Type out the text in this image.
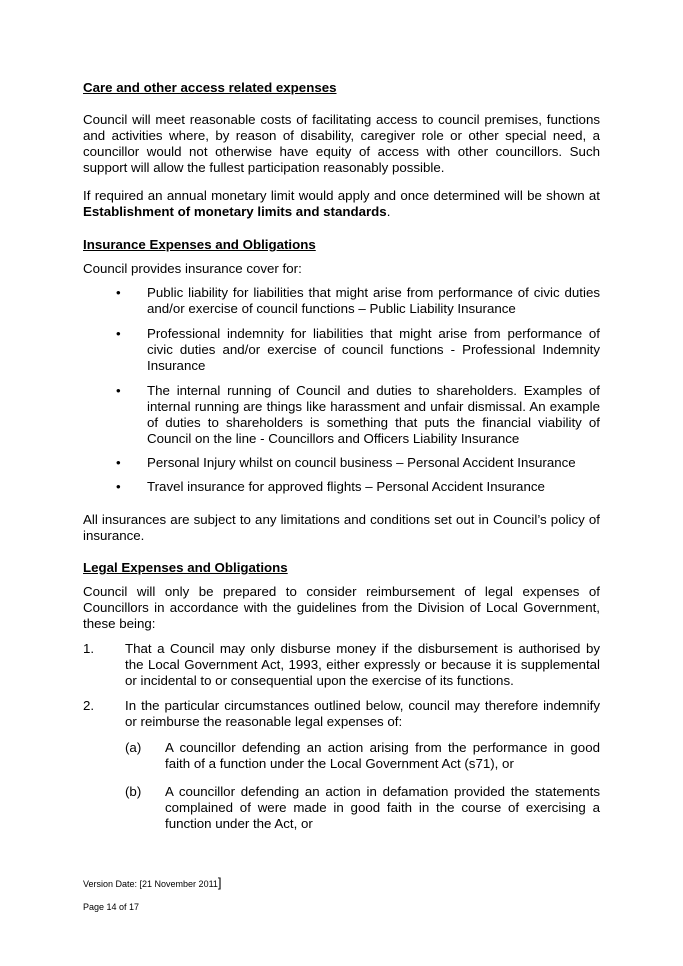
Care and other access related expenses

Council will meet reasonable costs of facilitating access to council premises, functions and activities where, by reason of disability, caregiver role or other special need, a councillor would not otherwise have equity of access with other councillors. Such support will allow the fullest participation reasonably possible.

If required an annual monetary limit would apply and once determined will be shown at Establishment of monetary limits and standards.

Insurance Expenses and Obligations

Council provides insurance cover for:

• Public liability for liabilities that might arise from performance of civic duties and/or exercise of council functions – Public Liability Insurance
• Professional indemnity for liabilities that might arise from performance of civic duties and/or exercise of council functions - Professional Indemnity Insurance
• The internal running of Council and duties to shareholders. Examples of internal running are things like harassment and unfair dismissal. An example of duties to shareholders is something that puts the financial viability of Council on the line - Councillors and Officers Liability Insurance
• Personal Injury whilst on council business – Personal Accident Insurance
• Travel insurance for approved flights – Personal Accident Insurance

All insurances are subject to any limitations and conditions set out in Council’s policy of insurance.

Legal Expenses and Obligations

Council will only be prepared to consider reimbursement of legal expenses of Councillors in accordance with the guidelines from the Division of Local Government, these being:

1. That a Council may only disburse money if the disbursement is authorised by the Local Government Act, 1993, either expressly or because it is supplemental or incidental to or consequential upon the exercise of its functions.
2. In the particular circumstances outlined below, council may therefore indemnify or reimburse the reasonable legal expenses of:
(a) A councillor defending an action arising from the performance in good faith of a function under the Local Government Act (s71), or
(b) A councillor defending an action in defamation provided the statements complained of were made in good faith in the course of exercising a function under the Act, or
Version Date: [21 November 2011]
Page 14 of 17
